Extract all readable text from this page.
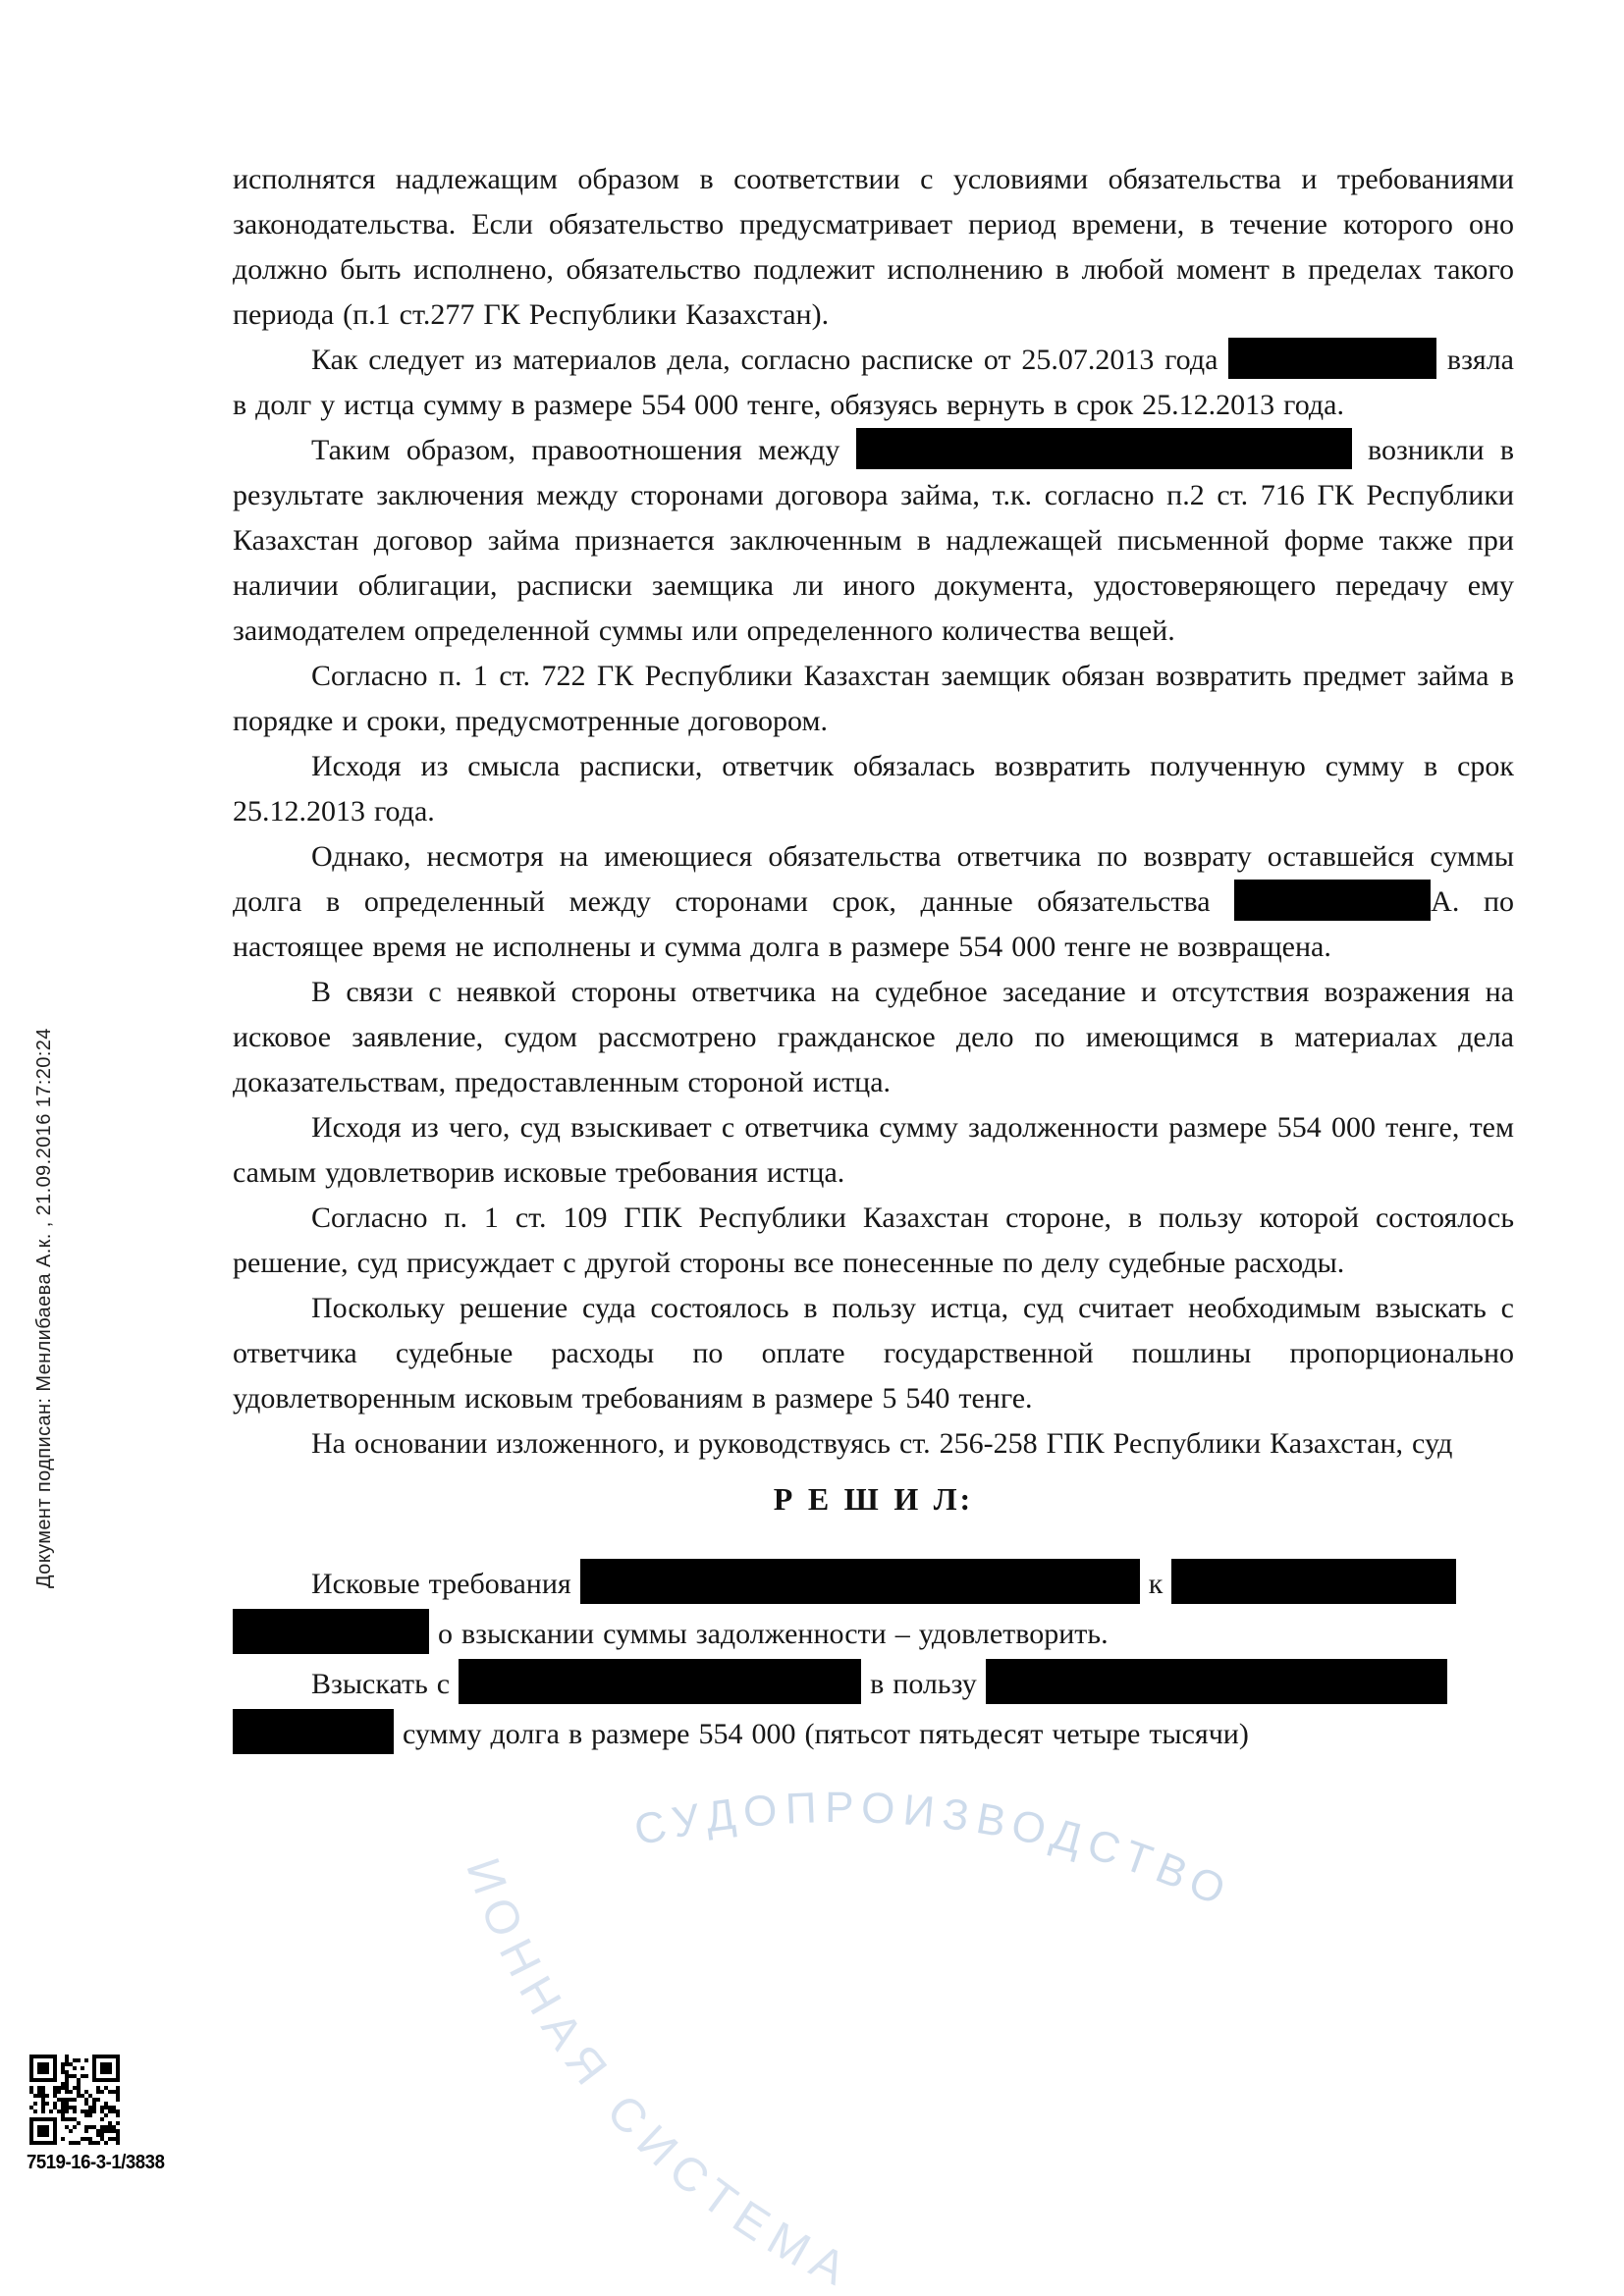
Документ подписан: Менлибаева А.к. , 21.09.2016 17:20:24
СУДОПРОИЗВОДСТВО
ИОННАЯ СИСТЕМА

исполнятся надлежащим образом в соответствии с условиями обязательства и требованиями законодательства. Если обязательство предусматривает период времени, в течение которого оно должно быть исполнено, обязательство подлежит исполнению в любой момент в пределах такого периода (п.1 ст.277 ГК Республики Казахстан).

Как следует из материалов дела, согласно расписке от 25.07.2013 года	взяла в долг у истца сумму в размере 554 000 тенге, обязуясь вернуть в срок 25.12.2013 года.

Таким образом, правоотношения между	возникли в результате заключения между сторонами договора займа, т.к. согласно п.2 ст. 716 ГК Республики Казахстан договор займа признается заключенным в надлежащей письменной форме также при наличии облигации, расписки заемщика ли иного документа, удостоверяющего передачу ему заимодателем определенной суммы или определенного количества вещей.

Согласно п. 1 ст. 722 ГК Республики Казахстан заемщик обязан возвратить предмет займа в порядке и сроки, предусмотренные договором.

Исходя из смысла расписки, ответчик обязалась возвратить полученную сумму в срок 25.12.2013 года.

Однако, несмотря на имеющиеся обязательства ответчика по возврату оставшейся суммы долга в определенный между сторонами срок, данные обязательства	А. по настоящее время не исполнены и сумма долга в размере 554 000 тенге не возвращена.

В связи с неявкой стороны ответчика на судебное заседание и отсутствия возражения на исковое заявление, судом рассмотрено гражданское дело по имеющимся в материалах дела доказательствам, предоставленным стороной истца.

Исходя из чего, суд взыскивает с ответчика сумму задолженности размере 554 000 тенге, тем самым удовлетворив исковые требования истца.

Согласно п. 1 ст. 109 ГПК Республики Казахстан стороне, в пользу которой состоялось решение, суд присуждает с другой стороны все понесенные по делу судебные расходы.

Поскольку решение суда состоялось в пользу истца, суд считает необходимым взыскать с ответчика судебные расходы по оплате государственной пошлины пропорционально удовлетворенным исковым требованиям в размере 5 540 тенге.

На основании изложенного, и руководствуясь ст. 256-258 ГПК Республики Казахстан, суд

Р Е Ш И Л:

Исковые требования	к
о взыскании суммы задолженности – удовлетворить.

Взыскать с	в пользу
сумму долга в размере 554 000 (пятьсот пятьдесят четыре тысячи)

7519-16-3-1/3838
